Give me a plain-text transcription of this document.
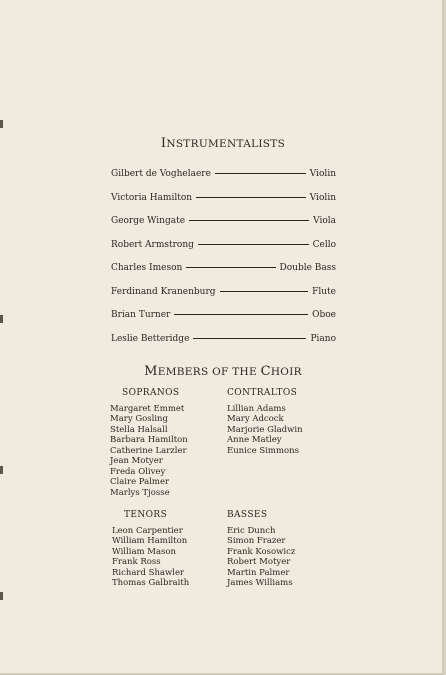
INSTRUMENTALISTS
Gilbert de Voghelaere	Violin
Victoria Hamilton	Violin
George Wingate	Viola
Robert Armstrong	Cello
Charles Imeson	Double Bass
Ferdinand Kranenburg	Flute
Brian Turner	Oboe
Leslie Betteridge	Piano
MEMBERS OF THE CHOIR
SOPRANOS
Margaret Emmet
Mary Gosling
Stella Halsall
Barbara Hamilton
Catherine Larzler
Jean Motyer
Freda Olivey
Claire Palmer
Marlys Tjosse
CONTRALTOS
Lillian Adams
Mary Adcock
Marjorie Gladwin
Anne Matley
Eunice Simmons
TENORS
Leon Carpentier
William Hamilton
William Mason
Frank Ross
Richard Shawler
Thomas Galbraith
BASSES
Eric Dunch
Simon Frazer
Frank Kosowicz
Robert Motyer
Martin Palmer
James Williams
